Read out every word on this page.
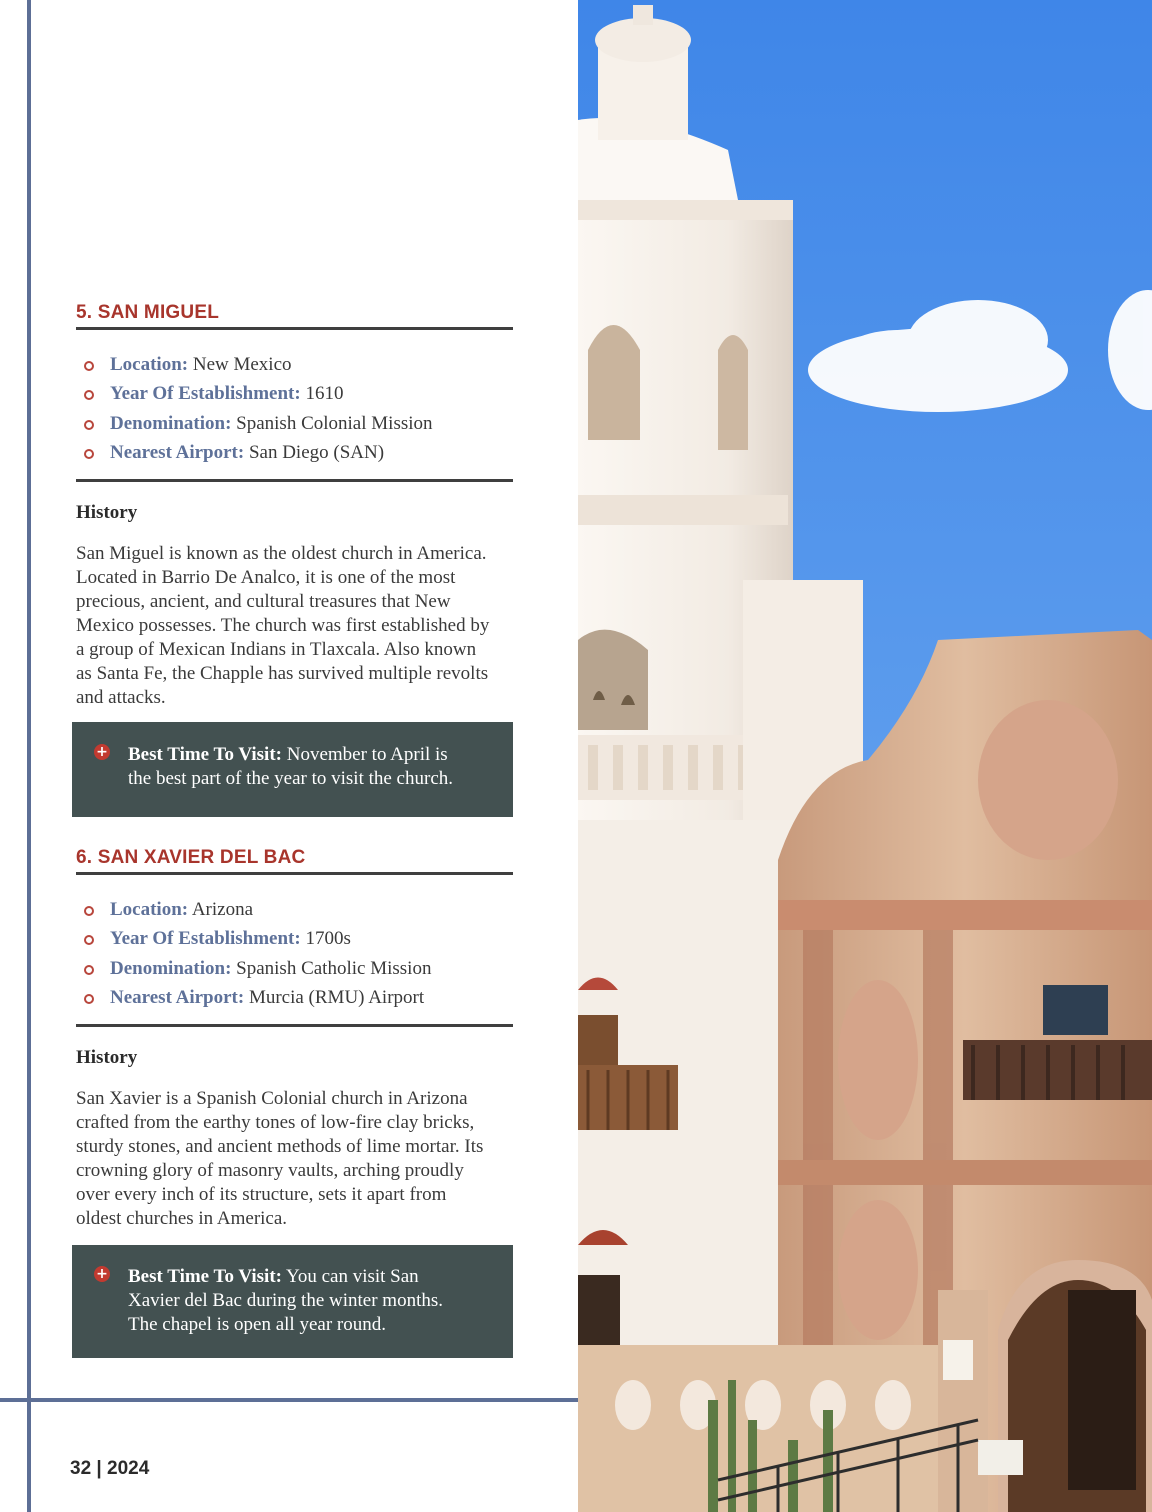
5. SAN MIGUEL
Location: New Mexico
Year Of Establishment: 1610
Denomination: Spanish Colonial Mission
Nearest Airport: San Diego (SAN)
History
San Miguel is known as the oldest church in America.
Located in Barrio De Analco, it is one of the most
precious, ancient, and cultural treasures that New
Mexico possesses. The church was first established by
a group of Mexican Indians in Tlaxcala. Also known
as Santa Fe, the Chapple has survived multiple revolts
and attacks.
+ Best Time To Visit: November to April is
the best part of the year to visit the church.
6. SAN XAVIER DEL BAC
Location: Arizona
Year Of Establishment: 1700s
Denomination: Spanish Catholic Mission
Nearest Airport: Murcia (RMU) Airport
History
San Xavier is a Spanish Colonial church in Arizona
crafted from the earthy tones of low-fire clay bricks,
sturdy stones, and ancient methods of lime mortar. Its
crowning glory of masonry vaults, arching proudly
over every inch of its structure, sets it apart from
oldest churches in America.
+ Best Time To Visit: You can visit San
Xavier del Bac during the winter months.
The chapel is open all year round.
32 | 2024
